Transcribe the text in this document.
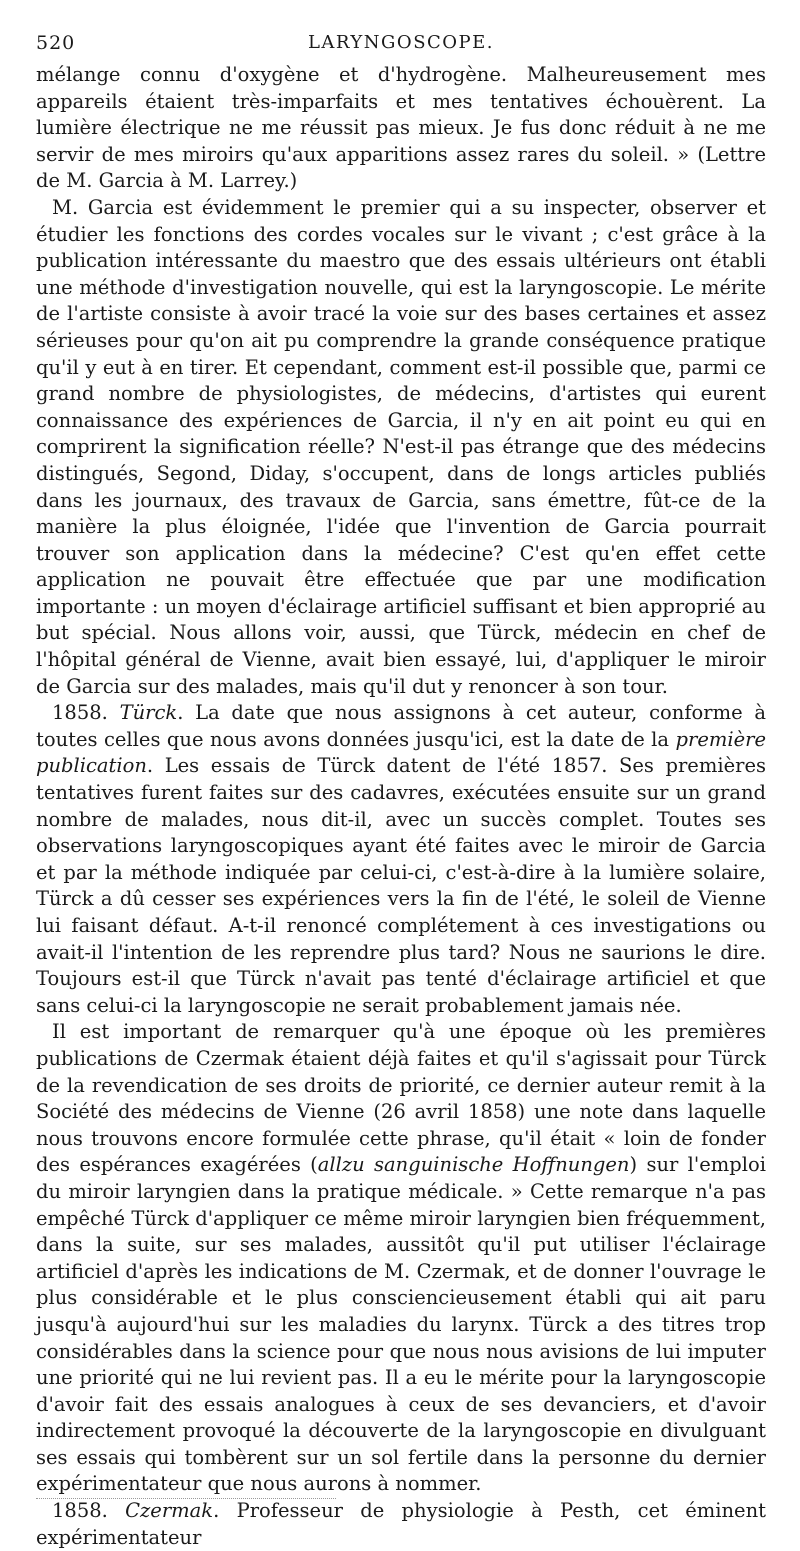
520	LARYNGOSCOPE.

mélange connu d'oxygène et d'hydrogène. Malheureusement mes appareils étaient très-imparfaits et mes tentatives échouèrent. La lumière électrique ne me réussit pas mieux. Je fus donc réduit à ne me servir de mes miroirs qu'aux apparitions assez rares du soleil. » (Lettre de M. Garcia à M. Larrey.)

M. Garcia est évidemment le premier qui a su inspecter, observer et étudier les fonctions des cordes vocales sur le vivant ; c'est grâce à la publication intéressante du maestro que des essais ultérieurs ont établi une méthode d'investigation nouvelle, qui est la laryngoscopie. Le mérite de l'artiste consiste à avoir tracé la voie sur des bases certaines et assez sérieuses pour qu'on ait pu comprendre la grande conséquence pratique qu'il y eut à en tirer. Et cependant, comment est-il possible que, parmi ce grand nombre de physiologistes, de médecins, d'artistes qui eurent connaissance des expériences de Garcia, il n'y en ait point eu qui en comprirent la signification réelle? N'est-il pas étrange que des médecins distingués, Segond, Diday, s'occupent, dans de longs articles publiés dans les journaux, des travaux de Garcia, sans émettre, fût-ce de la manière la plus éloignée, l'idée que l'invention de Garcia pourrait trouver son application dans la médecine? C'est qu'en effet cette application ne pouvait être effectuée que par une modification importante : un moyen d'éclairage artificiel suffisant et bien approprié au but spécial. Nous allons voir, aussi, que Türck, médecin en chef de l'hôpital général de Vienne, avait bien essayé, lui, d'appliquer le miroir de Garcia sur des malades, mais qu'il dut y renoncer à son tour.

1858. Türck. La date que nous assignons à cet auteur, conforme à toutes celles que nous avons données jusqu'ici, est la date de la première publication. Les essais de Türck datent de l'été 1857. Ses premières tentatives furent faites sur des cadavres, exécutées ensuite sur un grand nombre de malades, nous dit-il, avec un succès complet. Toutes ses observations laryngoscopiques ayant été faites avec le miroir de Garcia et par la méthode indiquée par celui-ci, c'est-à-dire à la lumière solaire, Türck a dû cesser ses expériences vers la fin de l'été, le soleil de Vienne lui faisant défaut. A-t-il renoncé complétement à ces investigations ou avait-il l'intention de les reprendre plus tard? Nous ne saurions le dire. Toujours est-il que Türck n'avait pas tenté d'éclairage artificiel et que sans celui-ci la laryngoscopie ne serait probablement jamais née.

Il est important de remarquer qu'à une époque où les premières publications de Czermak étaient déjà faites et qu'il s'agissait pour Türck de la revendication de ses droits de priorité, ce dernier auteur remit à la Société des médecins de Vienne (26 avril 1858) une note dans laquelle nous trouvons encore formulée cette phrase, qu'il était « loin de fonder des espérances exagérées (allzu sanguinische Hoffnungen) sur l'emploi du miroir laryngien dans la pratique médicale. » Cette remarque n'a pas empêché Türck d'appliquer ce même miroir laryngien bien fréquemment, dans la suite, sur ses malades, aussitôt qu'il put utiliser l'éclairage artificiel d'après les indications de M. Czermak, et de donner l'ouvrage le plus considérable et le plus consciencieusement établi qui ait paru jusqu'à aujourd'hui sur les maladies du larynx. Türck a des titres trop considérables dans la science pour que nous nous avisions de lui imputer une priorité qui ne lui revient pas. Il a eu le mérite pour la laryngoscopie d'avoir fait des essais analogues à ceux de ses devanciers, et d'avoir indirectement provoqué la découverte de la laryngoscopie en divulguant ses essais qui tombèrent sur un sol fertile dans la personne du dernier expérimentateur que nous aurons à nommer.

1858. Czermak. Professeur de physiologie à Pesth, cet éminent expérimentateur
